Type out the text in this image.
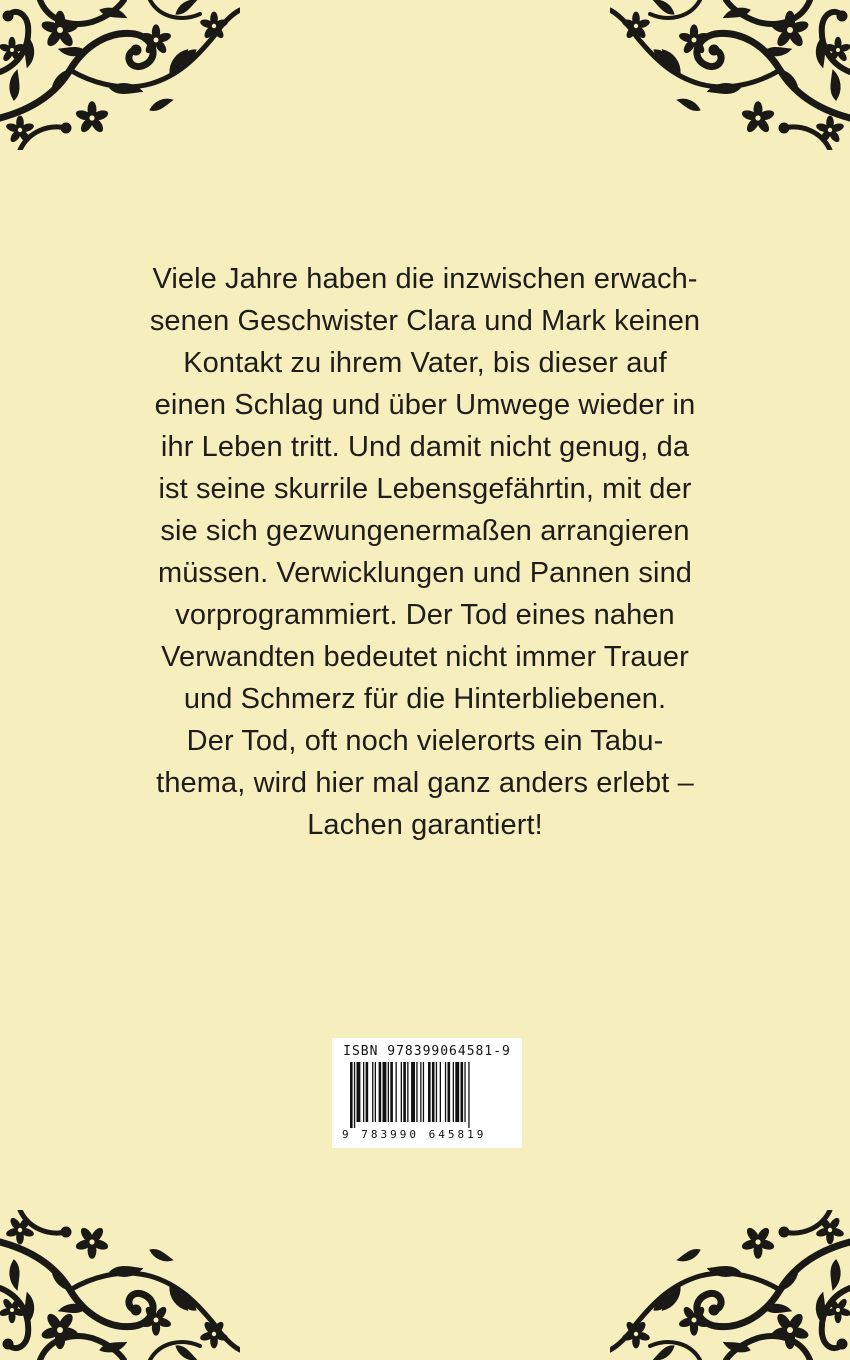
Viele Jahre haben die inzwischen erwach-
senen Geschwister Clara und Mark keinen
Kontakt zu ihrem Vater, bis dieser auf
einen Schlag und über Umwege wieder in
ihr Leben tritt. Und damit nicht genug, da
ist seine skurrile Lebensgefährtin, mit der
sie sich gezwungenermaßen arrangieren
müssen. Verwicklungen und Pannen sind
vorprogrammiert. Der Tod eines nahen
Verwandten bedeutet nicht immer Trauer
und Schmerz für die Hinterbliebenen.
Der Tod, oft noch vielerorts ein Tabu-
thema, wird hier mal ganz anders erlebt –
Lachen garantiert!
ISBN 978399064581-9
9 783990 645819
